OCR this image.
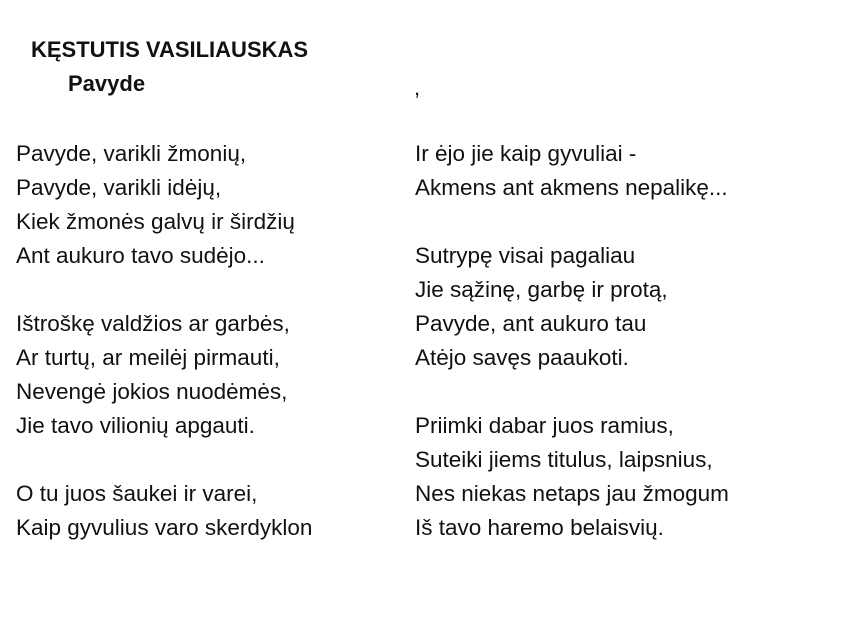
KĘSTUTIS VASILIAUSKAS
Pavyde	,
Pavyde, varikli žmonių,
Pavyde, varikli idėjų,
Kiek žmonės galvų ir širdžių
Ant aukuro tavo sudėjo...
Ištroškę valdžios ar garbės,
Ar turtų, ar meilėj pirmauti,
Nevengė jokios nuodėmės,
Jie tavo vilionių apgauti.
O tu juos šaukei ir varei,
Kaip gyvulius varo skerdyklon
Ir ėjo jie kaip gyvuliai -
Akmens ant akmens nepalikę...
Sutrypę visai pagaliau
Jie sąžinę, garbę ir protą,
Pavyde, ant aukuro tau
Atėjo savęs paaukoti.
Priimki dabar juos ramius,
Suteiki jiems titulus, laipsnius,
Nes niekas netaps jau žmogum
Iš tavo haremo belaisvių.
